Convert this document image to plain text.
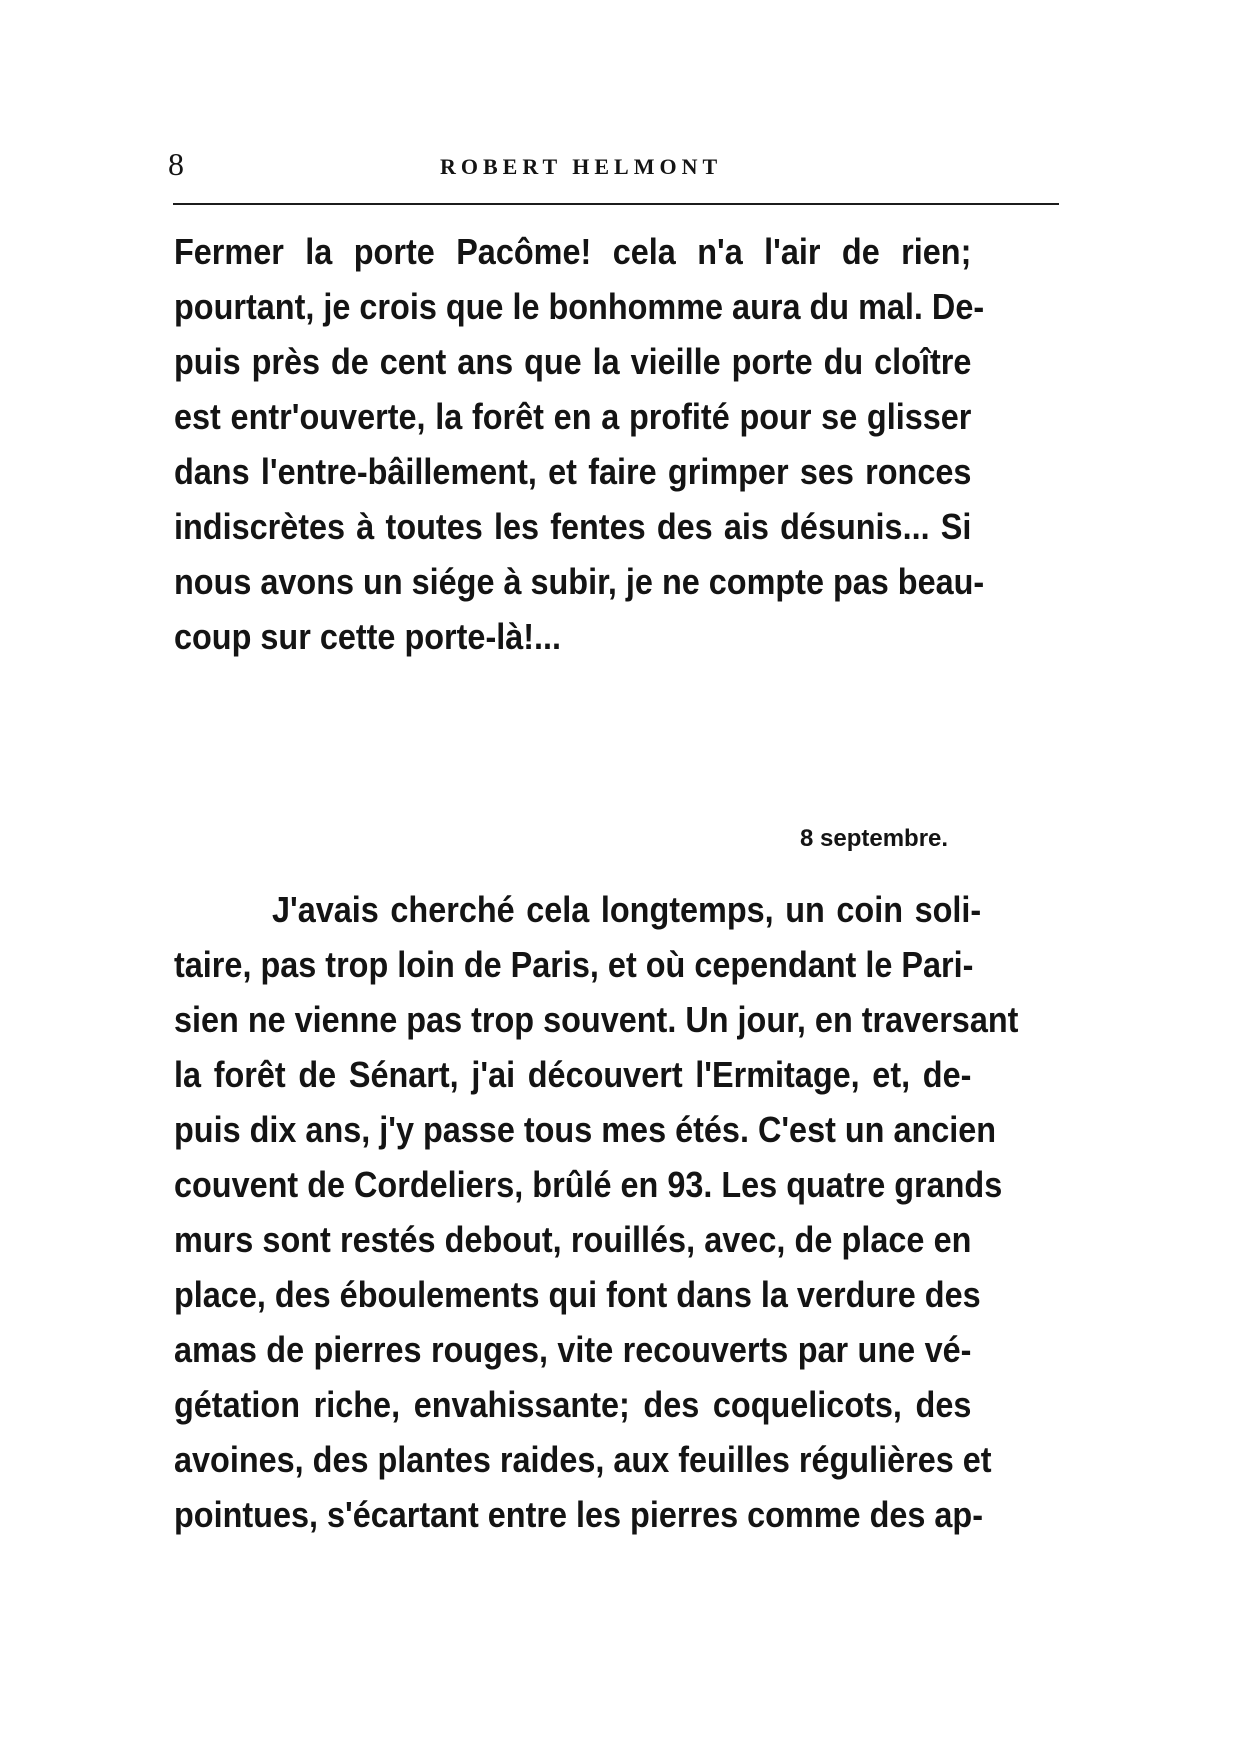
8	ROBERT HELMONT
Fermer la porte Pacôme! cela n'a l'air de rien;
pourtant, je crois que le bonhomme aura du mal. De-
puis près de cent ans que la vieille porte du cloître
est entr'ouverte, la forêt en a profité pour se glisser
dans l'entre-bâillement, et faire grimper ses ronces
indiscrètes à toutes les fentes des ais désunis... Si
nous avons un siége à subir, je ne compte pas beau-
coup sur cette porte-là!...
8 septembre.
J'avais cherché cela longtemps, un coin soli-
taire, pas trop loin de Paris, et où cependant le Pari-
sien ne vienne pas trop souvent. Un jour, en traversant
la forêt de Sénart, j'ai découvert l'Ermitage, et, de-
puis dix ans, j'y passe tous mes étés. C'est un ancien
couvent de Cordeliers, brûlé en 93. Les quatre grands
murs sont restés debout, rouillés, avec, de place en
place, des éboulements qui font dans la verdure des
amas de pierres rouges, vite recouverts par une vé-
gétation riche, envahissante; des coquelicots, des
avoines, des plantes raides, aux feuilles régulières et
pointues, s'écartant entre les pierres comme des ap-
